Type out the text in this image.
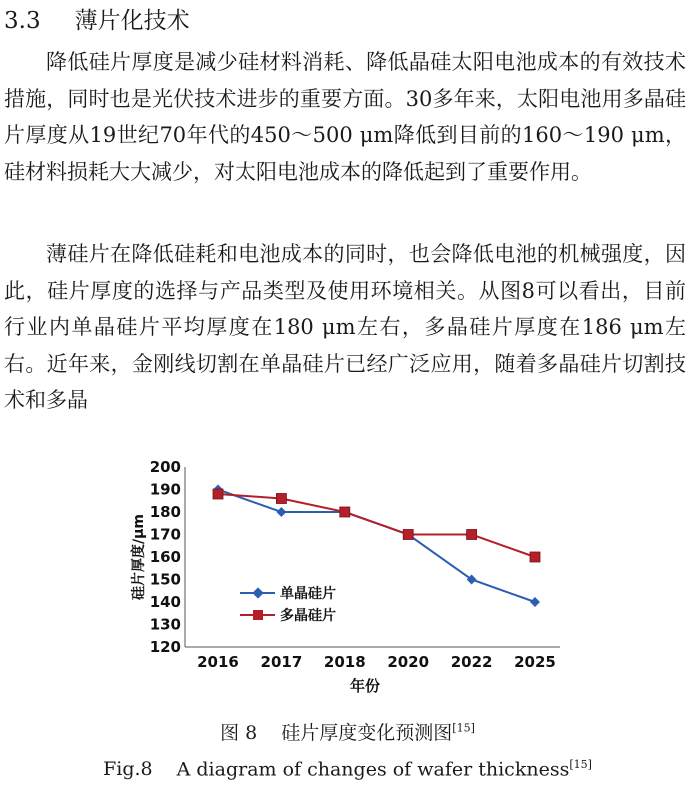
3.3 薄片化技术

降低硅片厚度是减少硅材料消耗、降低晶硅太阳电池成本的有效技术措施，同时也是光伏技术进步的重要方面。30多年来，太阳电池用多晶硅片厚度从19世纪70年代的450～500 μm降低到目前的160～190 μm，硅材料损耗大大减少，对太阳电池成本的降低起到了重要作用。

薄硅片在降低硅耗和电池成本的同时，也会降低电池的机械强度，因此，硅片厚度的选择与产品类型及使用环境相关。从图8可以看出，目前行业内单晶硅片平均厚度在180 μm左右，多晶硅片厚度在186 μm左右。近年来，金刚线切割在单晶硅片已经广泛应用，随着多晶硅片切割技术和多晶

120
130
140
150
160
170
180
190
200
2016 2017 2018 2020 2022 2025
硅片厚度/μm
年份
单晶硅片
多晶硅片

图 8 硅片厚度变化预测图[15]

Fig.8 A diagram of changes of wafer thickness[15]
